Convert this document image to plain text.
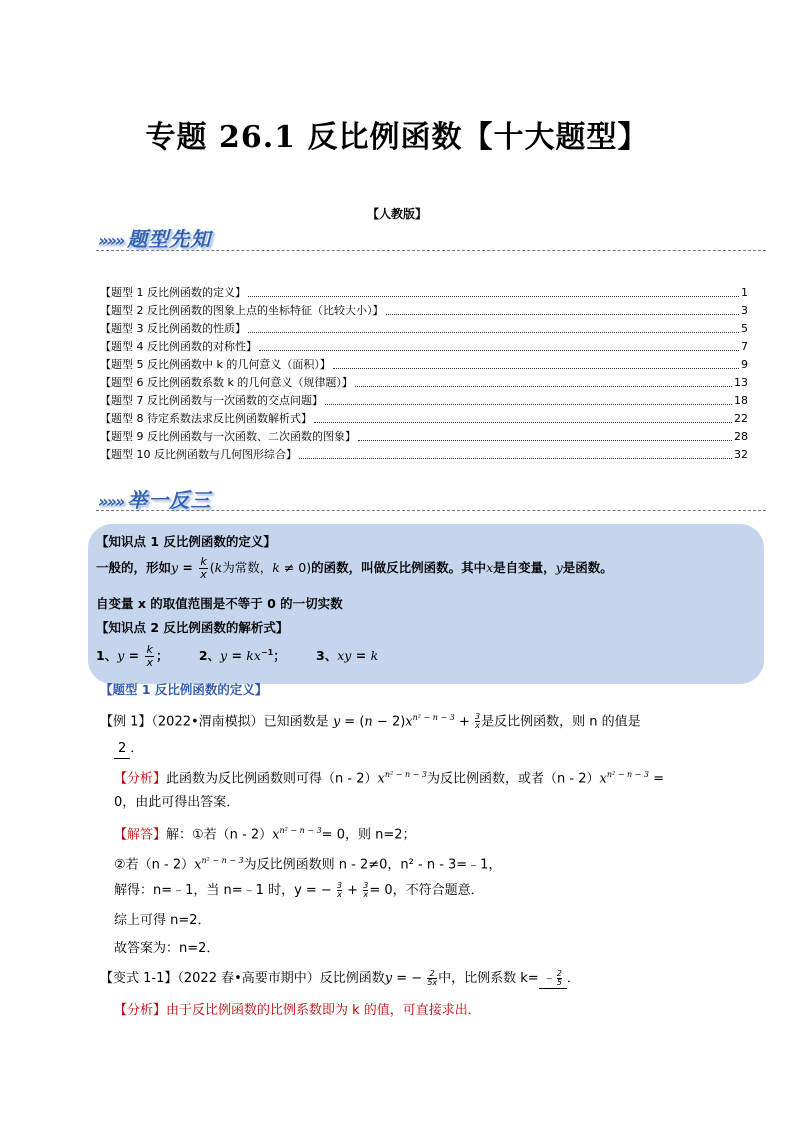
专题 26.1 反比例函数【十大题型】
【人教版】
»»» 题型先知
【题型 1 反比例函数的定义】	1
【题型 2 反比例函数的图象上点的坐标特征（比较大小）】	3
【题型 3 反比例函数的性质】	5
【题型 4 反比例函数的对称性】	7
【题型 5 反比例函数中 k 的几何意义（面积）】	9
【题型 6 反比例函数系数 k 的几何意义（规律题）】	13
【题型 7 反比例函数与一次函数的交点问题】	18
【题型 8 待定系数法求反比例函数解析式】	22
【题型 9 反比例函数与一次函数、二次函数的图象】	28
【题型 10 反比例函数与几何图形综合】	32
»»» 举一反三
【知识点 1 反比例函数的定义】
一般的，形如$y = \frac{k}{x} (k$为常数，k ≠ 0)的函数，叫做反比例函数。其中x是自变量，y是函数。
自变量 x 的取值范围是不等于 0 的一切实数
【知识点 2 反比例函数的解析式】
1、$y = \frac{k}{x}$ ； 2、$y = kx^{-1}$； 3、xy = k
【题型 1 反比例函数的定义】
【例 1】（2022•渭南模拟）已知函数是 $y = (n - 2)x^{n^2 - n - 3} + \frac{3}{x}$ 是反比例函数，则 n 的值是
2 ．
【分析】此函数为反比例函数则可得$(n - 2)x^{n^2 - n - 3}$为反比例函数，或者$(n - 2)x^{n^2 - n - 3}$ =
0，由此可得出答案．
【解答】解：①若$(n - 2)x^{n^2 - n - 3}= 0$，则 n=2；
②若$(n - 2)x^{n^2 - n - 3}$为反比例函数则 n - 2≠0，n² - n - 3=﹣1，
解得：n=﹣1，当 n=﹣1 时，y = − $\frac{3}{x} + \frac{3}{x} = 0$，不符合题意．
综上可得 n=2．
故答案为：n=2．
【变式 1-1】（2022 春•高要市期中）反比例函数y = − $\frac{2}{5x}$ 中，比例系数 k= ﹣ $\frac{2}{5}$ ．
【分析】由于反比例函数的比例系数即为 k 的值，可直接求出．
